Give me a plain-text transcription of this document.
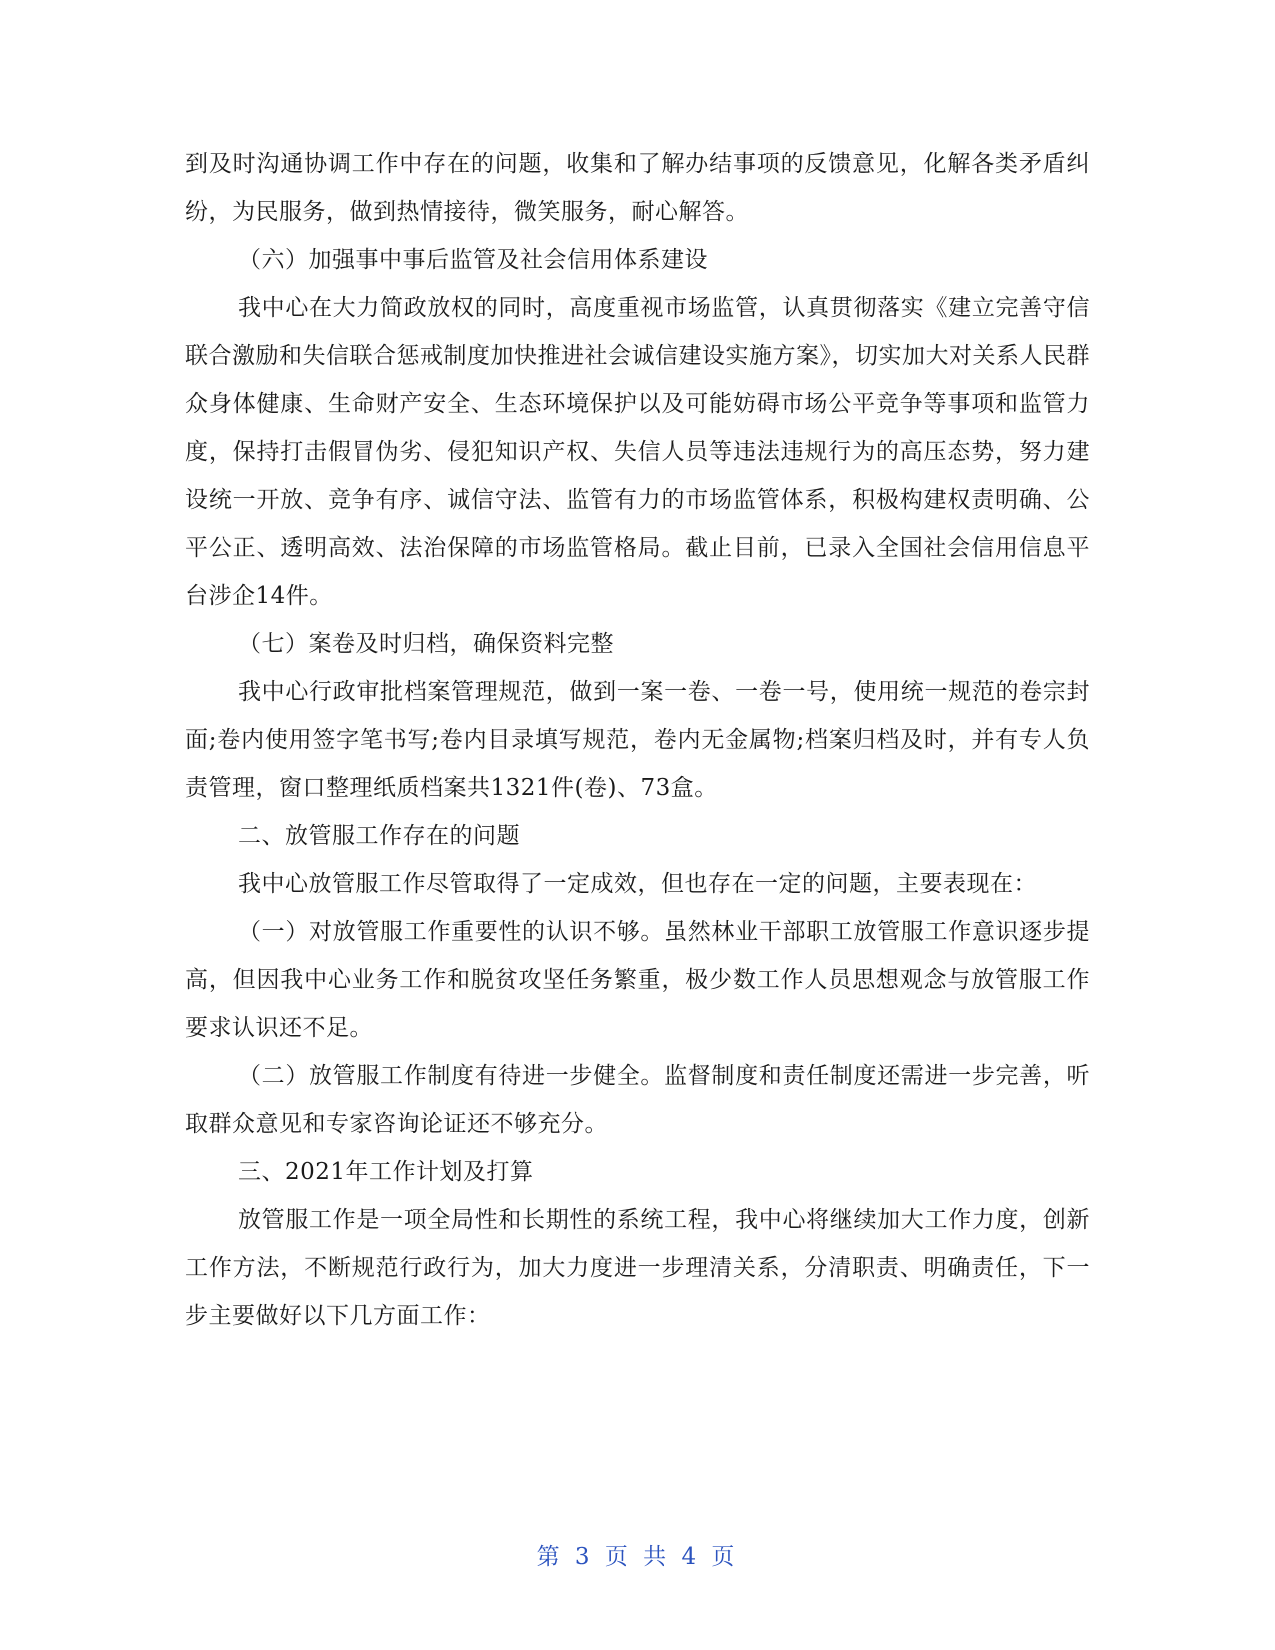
到及时沟通协调工作中存在的问题，收集和了解办结事项的反馈意见，化解各类矛盾纠纷，为民服务，做到热情接待，微笑服务，耐心解答。

（六）加强事中事后监管及社会信用体系建设

我中心在大力简政放权的同时，高度重视市场监管，认真贯彻落实《建立完善守信联合激励和失信联合惩戒制度加快推进社会诚信建设实施方案》，切实加大对关系人民群众身体健康、生命财产安全、生态环境保护以及可能妨碍市场公平竞争等事项和监管力度，保持打击假冒伪劣、侵犯知识产权、失信人员等违法违规行为的高压态势，努力建设统一开放、竞争有序、诚信守法、监管有力的市场监管体系，积极构建权责明确、公平公正、透明高效、法治保障的市场监管格局。截止目前，已录入全国社会信用信息平台涉企14件。

（七）案卷及时归档，确保资料完整

我中心行政审批档案管理规范，做到一案一卷、一卷一号，使用统一规范的卷宗封面;卷内使用签字笔书写;卷内目录填写规范，卷内无金属物;档案归档及时，并有专人负责管理，窗口整理纸质档案共1321件(卷)、73盒。

二、放管服工作存在的问题

我中心放管服工作尽管取得了一定成效，但也存在一定的问题，主要表现在：

（一）对放管服工作重要性的认识不够。虽然林业干部职工放管服工作意识逐步提高，但因我中心业务工作和脱贫攻坚任务繁重，极少数工作人员思想观念与放管服工作要求认识还不足。

（二）放管服工作制度有待进一步健全。监督制度和责任制度还需进一步完善，听取群众意见和专家咨询论证还不够充分。

三、2021年工作计划及打算

放管服工作是一项全局性和长期性的系统工程，我中心将继续加大工作力度，创新工作方法，不断规范行政行为，加大力度进一步理清关系，分清职责、明确责任，下一步主要做好以下几方面工作：

第 3 页 共 4 页
